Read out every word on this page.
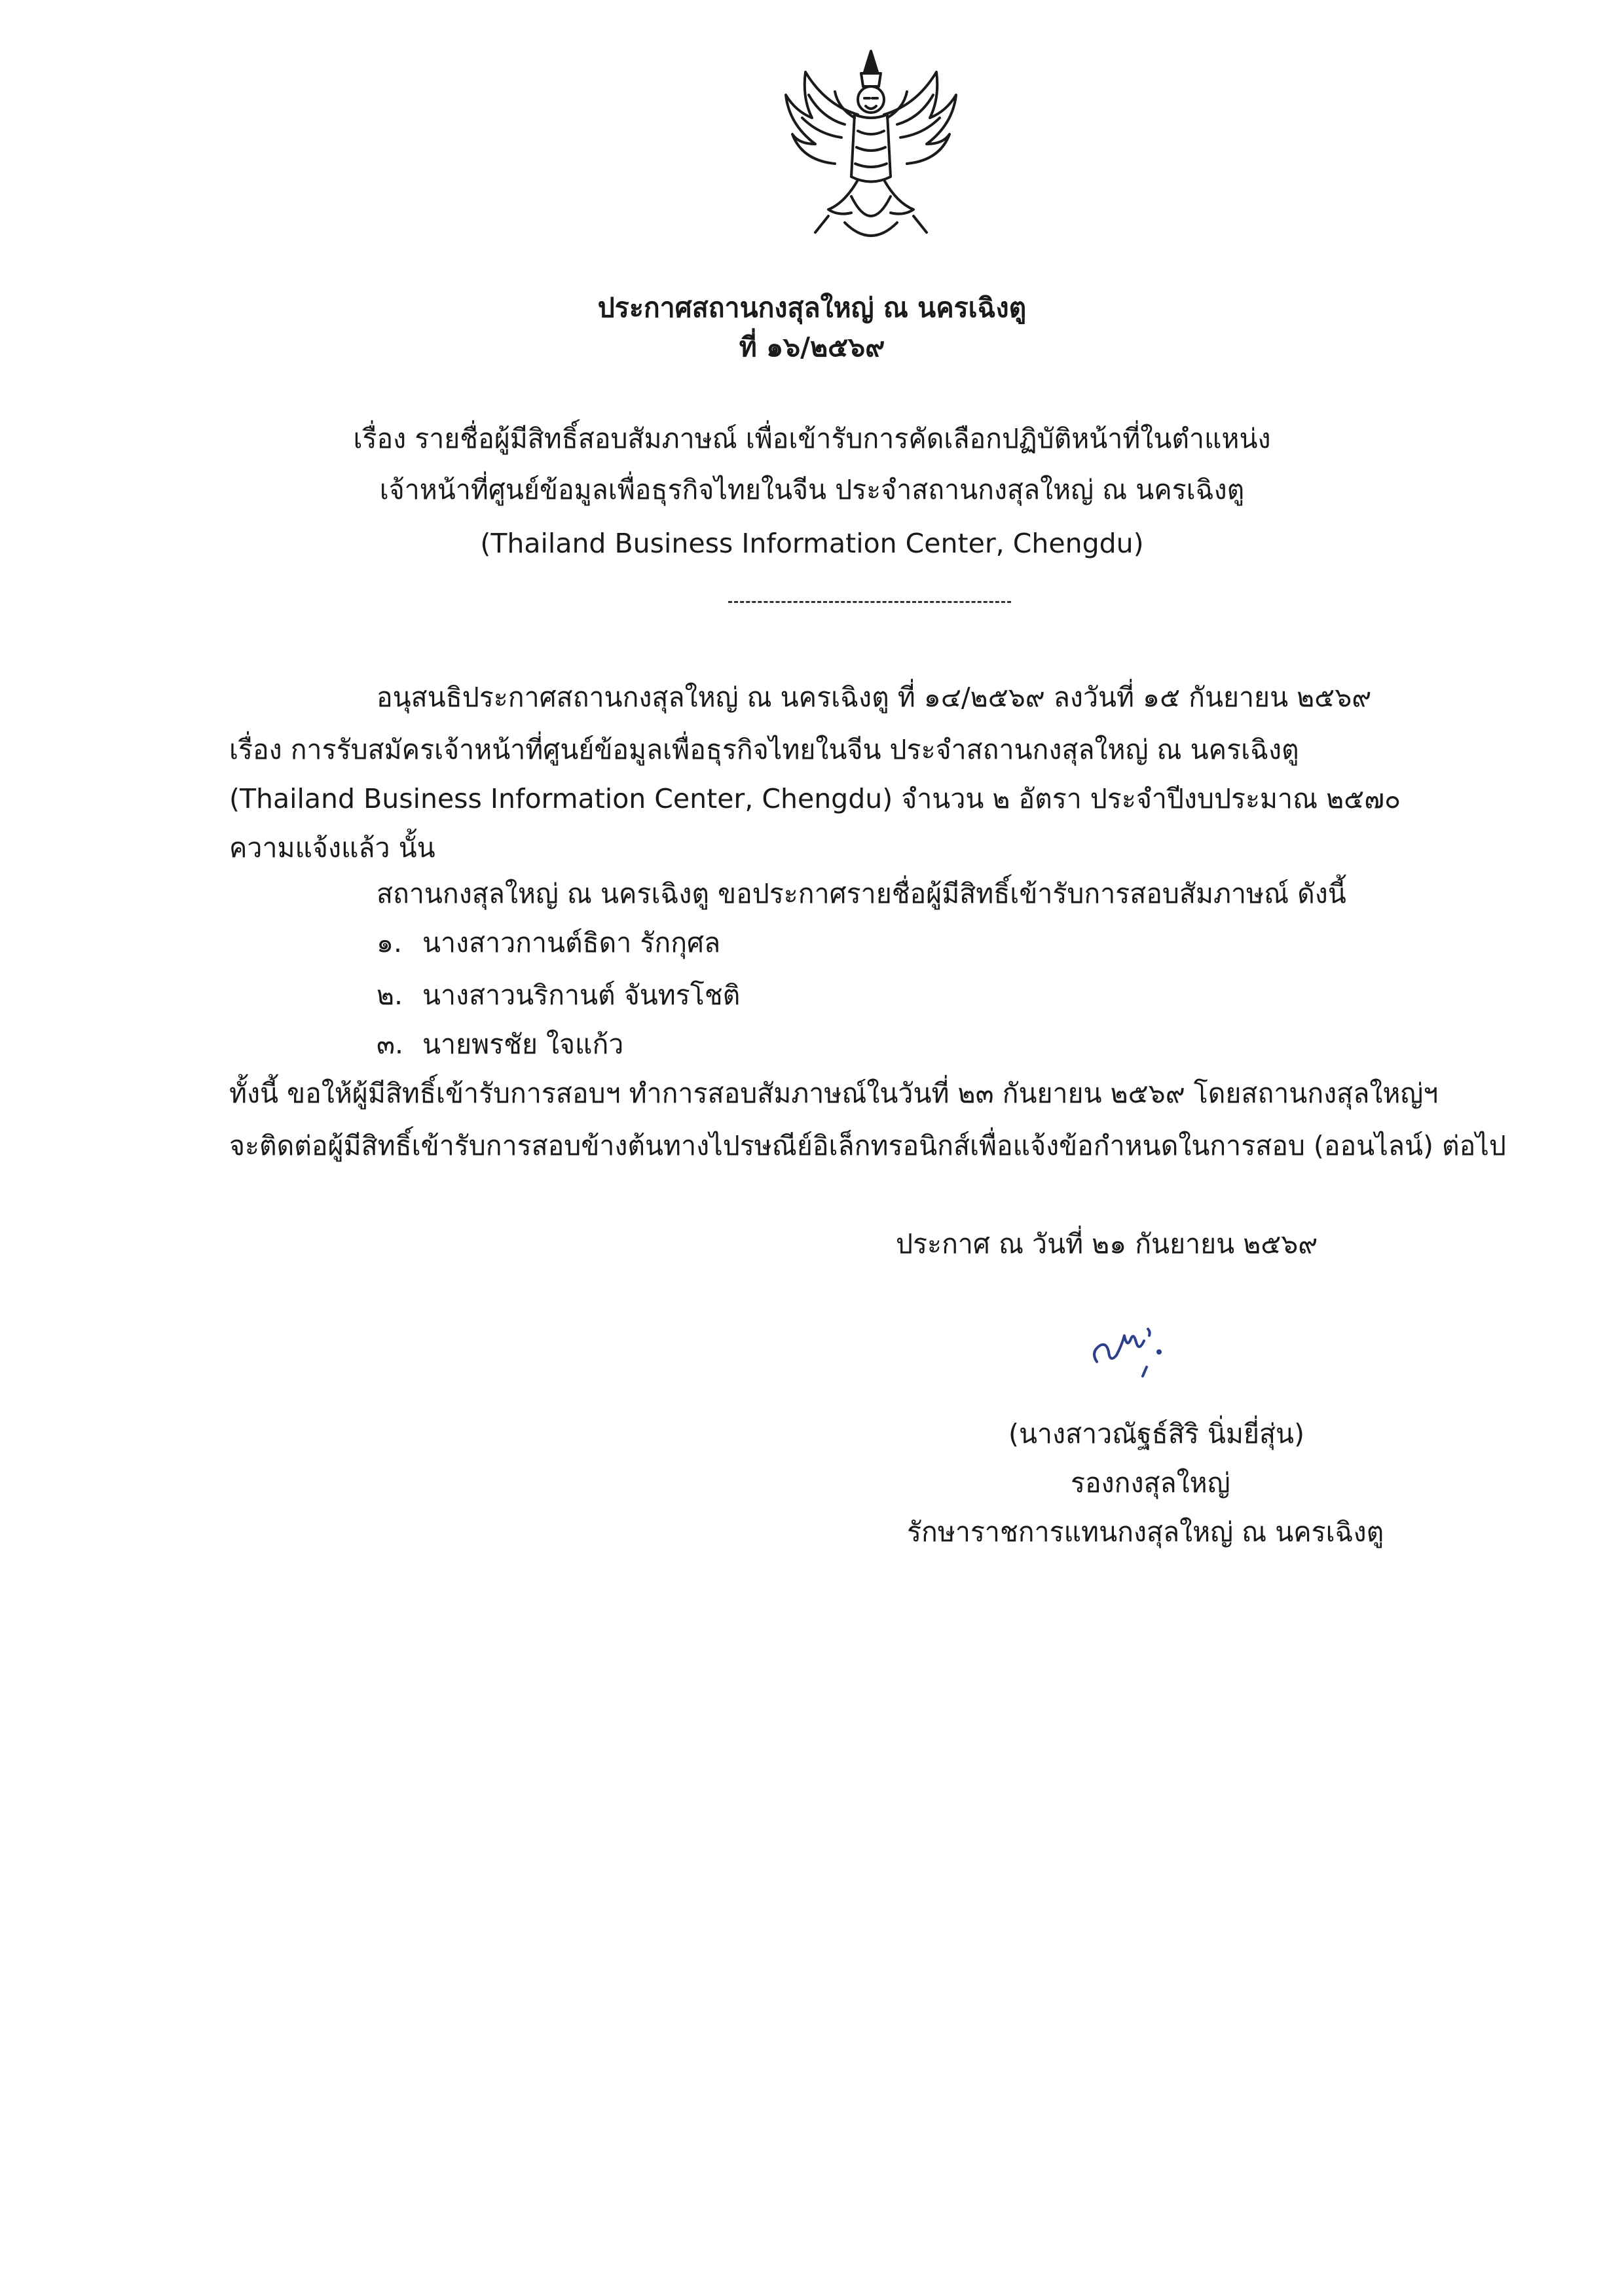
ประกาศสถานกงสุลใหญ่ ณ นครเฉิงตู
ที่ ๑๖/๒๕๖๙
เรื่อง รายชื่อผู้มีสิทธิ์สอบสัมภาษณ์ เพื่อเข้ารับการคัดเลือกปฏิบัติหน้าที่ในตำแหน่ง
เจ้าหน้าที่ศูนย์ข้อมูลเพื่อธุรกิจไทยในจีน ประจำสถานกงสุลใหญ่ ณ นครเฉิงตู
(Thailand Business Information Center, Chengdu)
อนุสนธิประกาศสถานกงสุลใหญ่ ณ นครเฉิงตู ที่ ๑๔/๒๕๖๙ ลงวันที่ ๑๕ กันยายน ๒๕๖๙
เรื่อง การรับสมัครเจ้าหน้าที่ศูนย์ข้อมูลเพื่อธุรกิจไทยในจีน ประจำสถานกงสุลใหญ่ ณ นครเฉิงตู
(Thailand Business Information Center, Chengdu) จำนวน ๒ อัตรา ประจำปีงบประมาณ ๒๕๗๐
ความแจ้งแล้ว นั้น
สถานกงสุลใหญ่ ณ นครเฉิงตู ขอประกาศรายชื่อผู้มีสิทธิ์เข้ารับการสอบสัมภาษณ์ ดังนี้
๑. นางสาวกานต์ธิดา รักกุศล
๒. นางสาวนริกานต์ จันทรโชติ
๓. นายพรชัย ใจแก้ว
ทั้งนี้ ขอให้ผู้มีสิทธิ์เข้ารับการสอบฯ ทำการสอบสัมภาษณ์ในวันที่ ๒๓ กันยายน ๒๕๖๙ โดยสถานกงสุลใหญ่ฯ
จะติดต่อผู้มีสิทธิ์เข้ารับการสอบข้างต้นทางไปรษณีย์อิเล็กทรอนิกส์เพื่อแจ้งข้อกำหนดในการสอบ (ออนไลน์) ต่อไป
ประกาศ ณ วันที่ ๒๑ กันยายน ๒๕๖๙
(นางสาวณัฐธ์สิริ นิ่มยี่สุ่น)
รองกงสุลใหญ่
รักษาราชการแทนกงสุลใหญ่ ณ นครเฉิงตู
